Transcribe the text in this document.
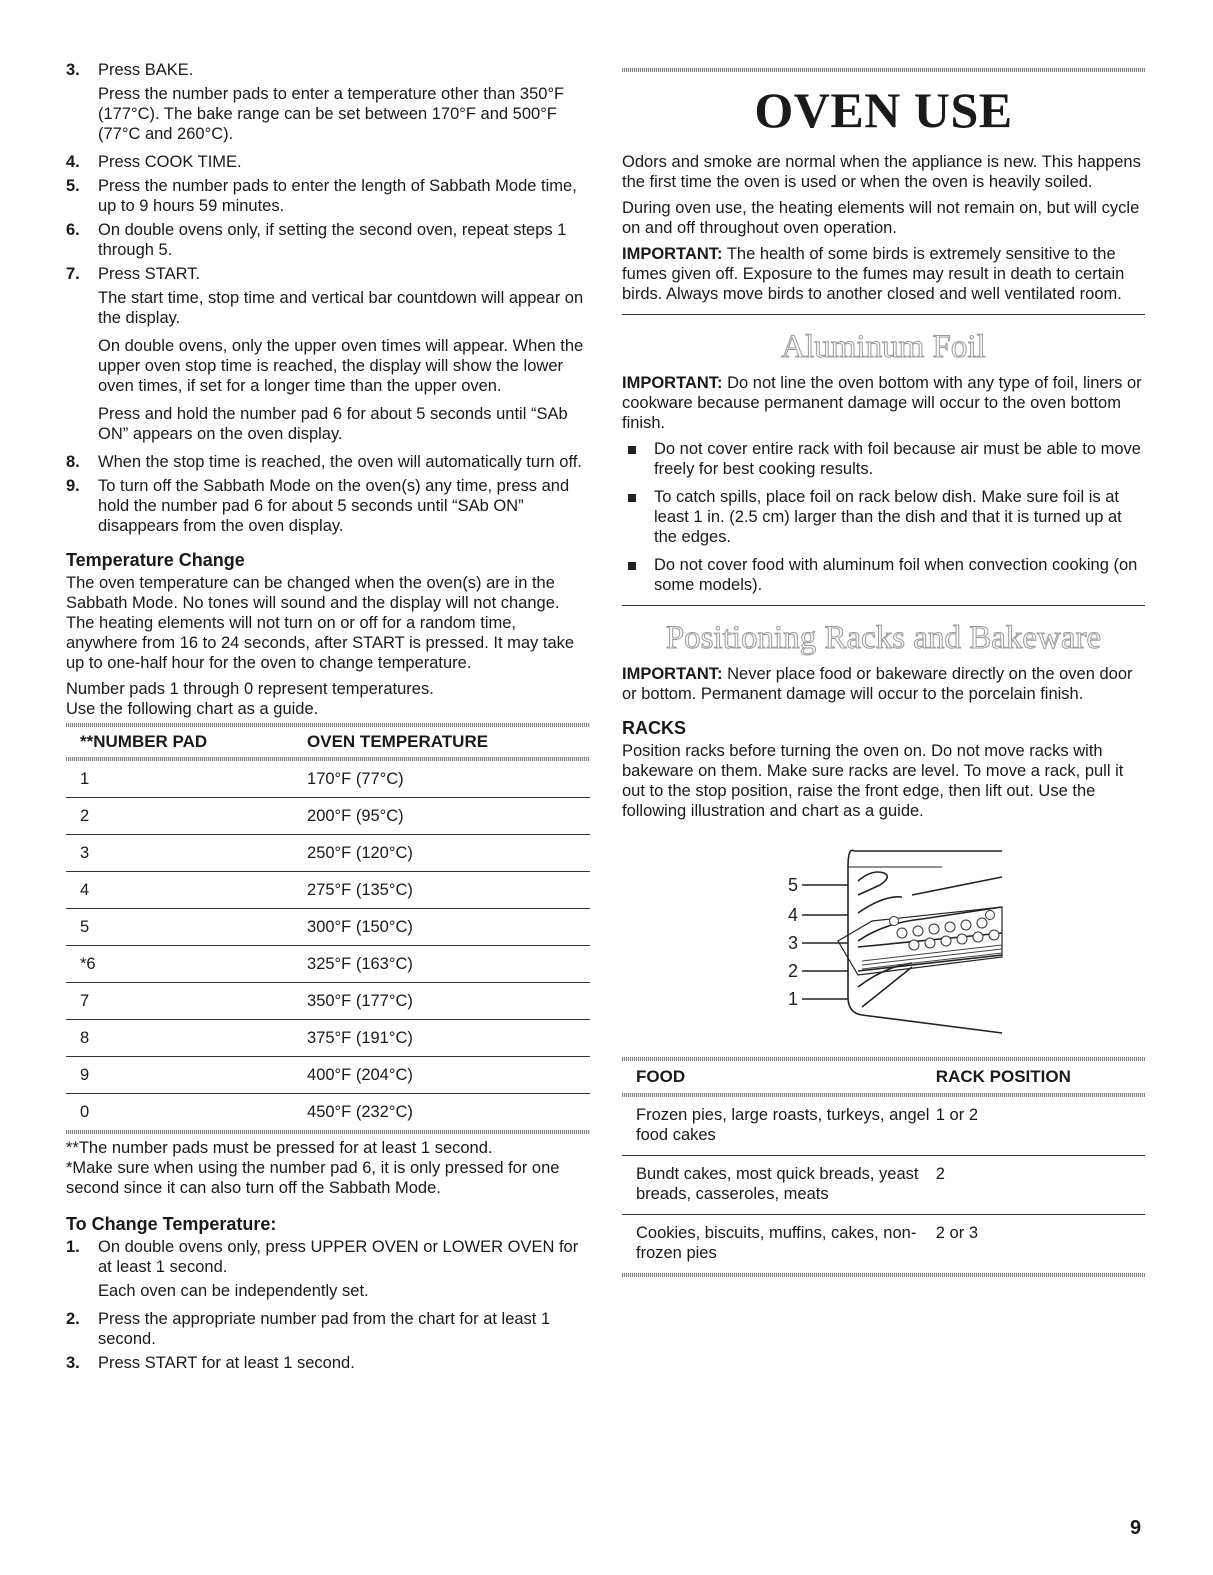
3.	Press BAKE.

Press the number pads to enter a temperature other than 350°F (177°C). The bake range can be set between 170°F and 500°F (77°C and 260°C).

4.	Press COOK TIME.
5.	Press the number pads to enter the length of Sabbath Mode time, up to 9 hours 59 minutes.
6.	On double ovens only, if setting the second oven, repeat steps 1 through 5.
7.	Press START.

The start time, stop time and vertical bar countdown will appear on the display.

On double ovens, only the upper oven times will appear. When the upper oven stop time is reached, the display will show the lower oven times, if set for a longer time than the upper oven.

Press and hold the number pad 6 for about 5 seconds until “SAb ON” appears on the oven display.

8.	When the stop time is reached, the oven will automatically turn off.
9.	To turn off the Sabbath Mode on the oven(s) any time, press and hold the number pad 6 for about 5 seconds until “SAb ON” disappears from the oven display.
Temperature Change

The oven temperature can be changed when the oven(s) are in the Sabbath Mode. No tones will sound and the display will not change. The heating elements will not turn on or off for a random time, anywhere from 16 to 24 seconds, after START is pressed. It may take up to one-half hour for the oven to change temperature.

Number pads 1 through 0 represent temperatures.

Use the following chart as a guide.

**NUMBER PAD	OVEN TEMPERATURE
1	170°F (77°C)
2	200°F (95°C)
3	250°F (120°C)
4	275°F (135°C)
5	300°F (150°C)
*6	325°F (163°C)
7	350°F (177°C)
8	375°F (191°C)
9	400°F (204°C)
0	450°F (232°C)

**The number pads must be pressed for at least 1 second.

*Make sure when using the number pad 6, it is only pressed for one second since it can also turn off the Sabbath Mode.

To Change Temperature:
1.	On double ovens only, press UPPER OVEN or LOWER OVEN for at least 1 second.

Each oven can be independently set.

2.	Press the appropriate number pad from the chart for at least 1 second.
3.	Press START for at least 1 second.
OVEN USE

Odors and smoke are normal when the appliance is new. This happens the first time the oven is used or when the oven is heavily soiled.

During oven use, the heating elements will not remain on, but will cycle on and off throughout oven operation.

IMPORTANT: The health of some birds is extremely sensitive to the fumes given off. Exposure to the fumes may result in death to certain birds. Always move birds to another closed and well ventilated room.

Aluminum Foil

IMPORTANT: Do not line the oven bottom with any type of foil, liners or cookware because permanent damage will occur to the oven bottom finish.

Do not cover entire rack with foil because air must be able to move freely for best cooking results.
To catch spills, place foil on rack below dish. Make sure foil is at least 1 in. (2.5 cm) larger than the dish and that it is turned up at the edges.
Do not cover food with aluminum foil when convection cooking (on some models).
Positioning Racks and Bakeware

IMPORTANT: Never place food or bakeware directly on the oven door or bottom. Permanent damage will occur to the porcelain finish.

RACKS

Position racks before turning the oven on. Do not move racks with bakeware on them. Make sure racks are level. To move a rack, pull it out to the stop position, raise the front edge, then lift out. Use the following illustration and chart as a guide.

5
4
3
2
1
FOOD	RACK POSITION
Frozen pies, large roasts, turkeys, angel food cakes	1 or 2
Bundt cakes, most quick breads, yeast breads, casseroles, meats	2
Cookies, biscuits, muffins, cakes, non-frozen pies	2 or 3
9
